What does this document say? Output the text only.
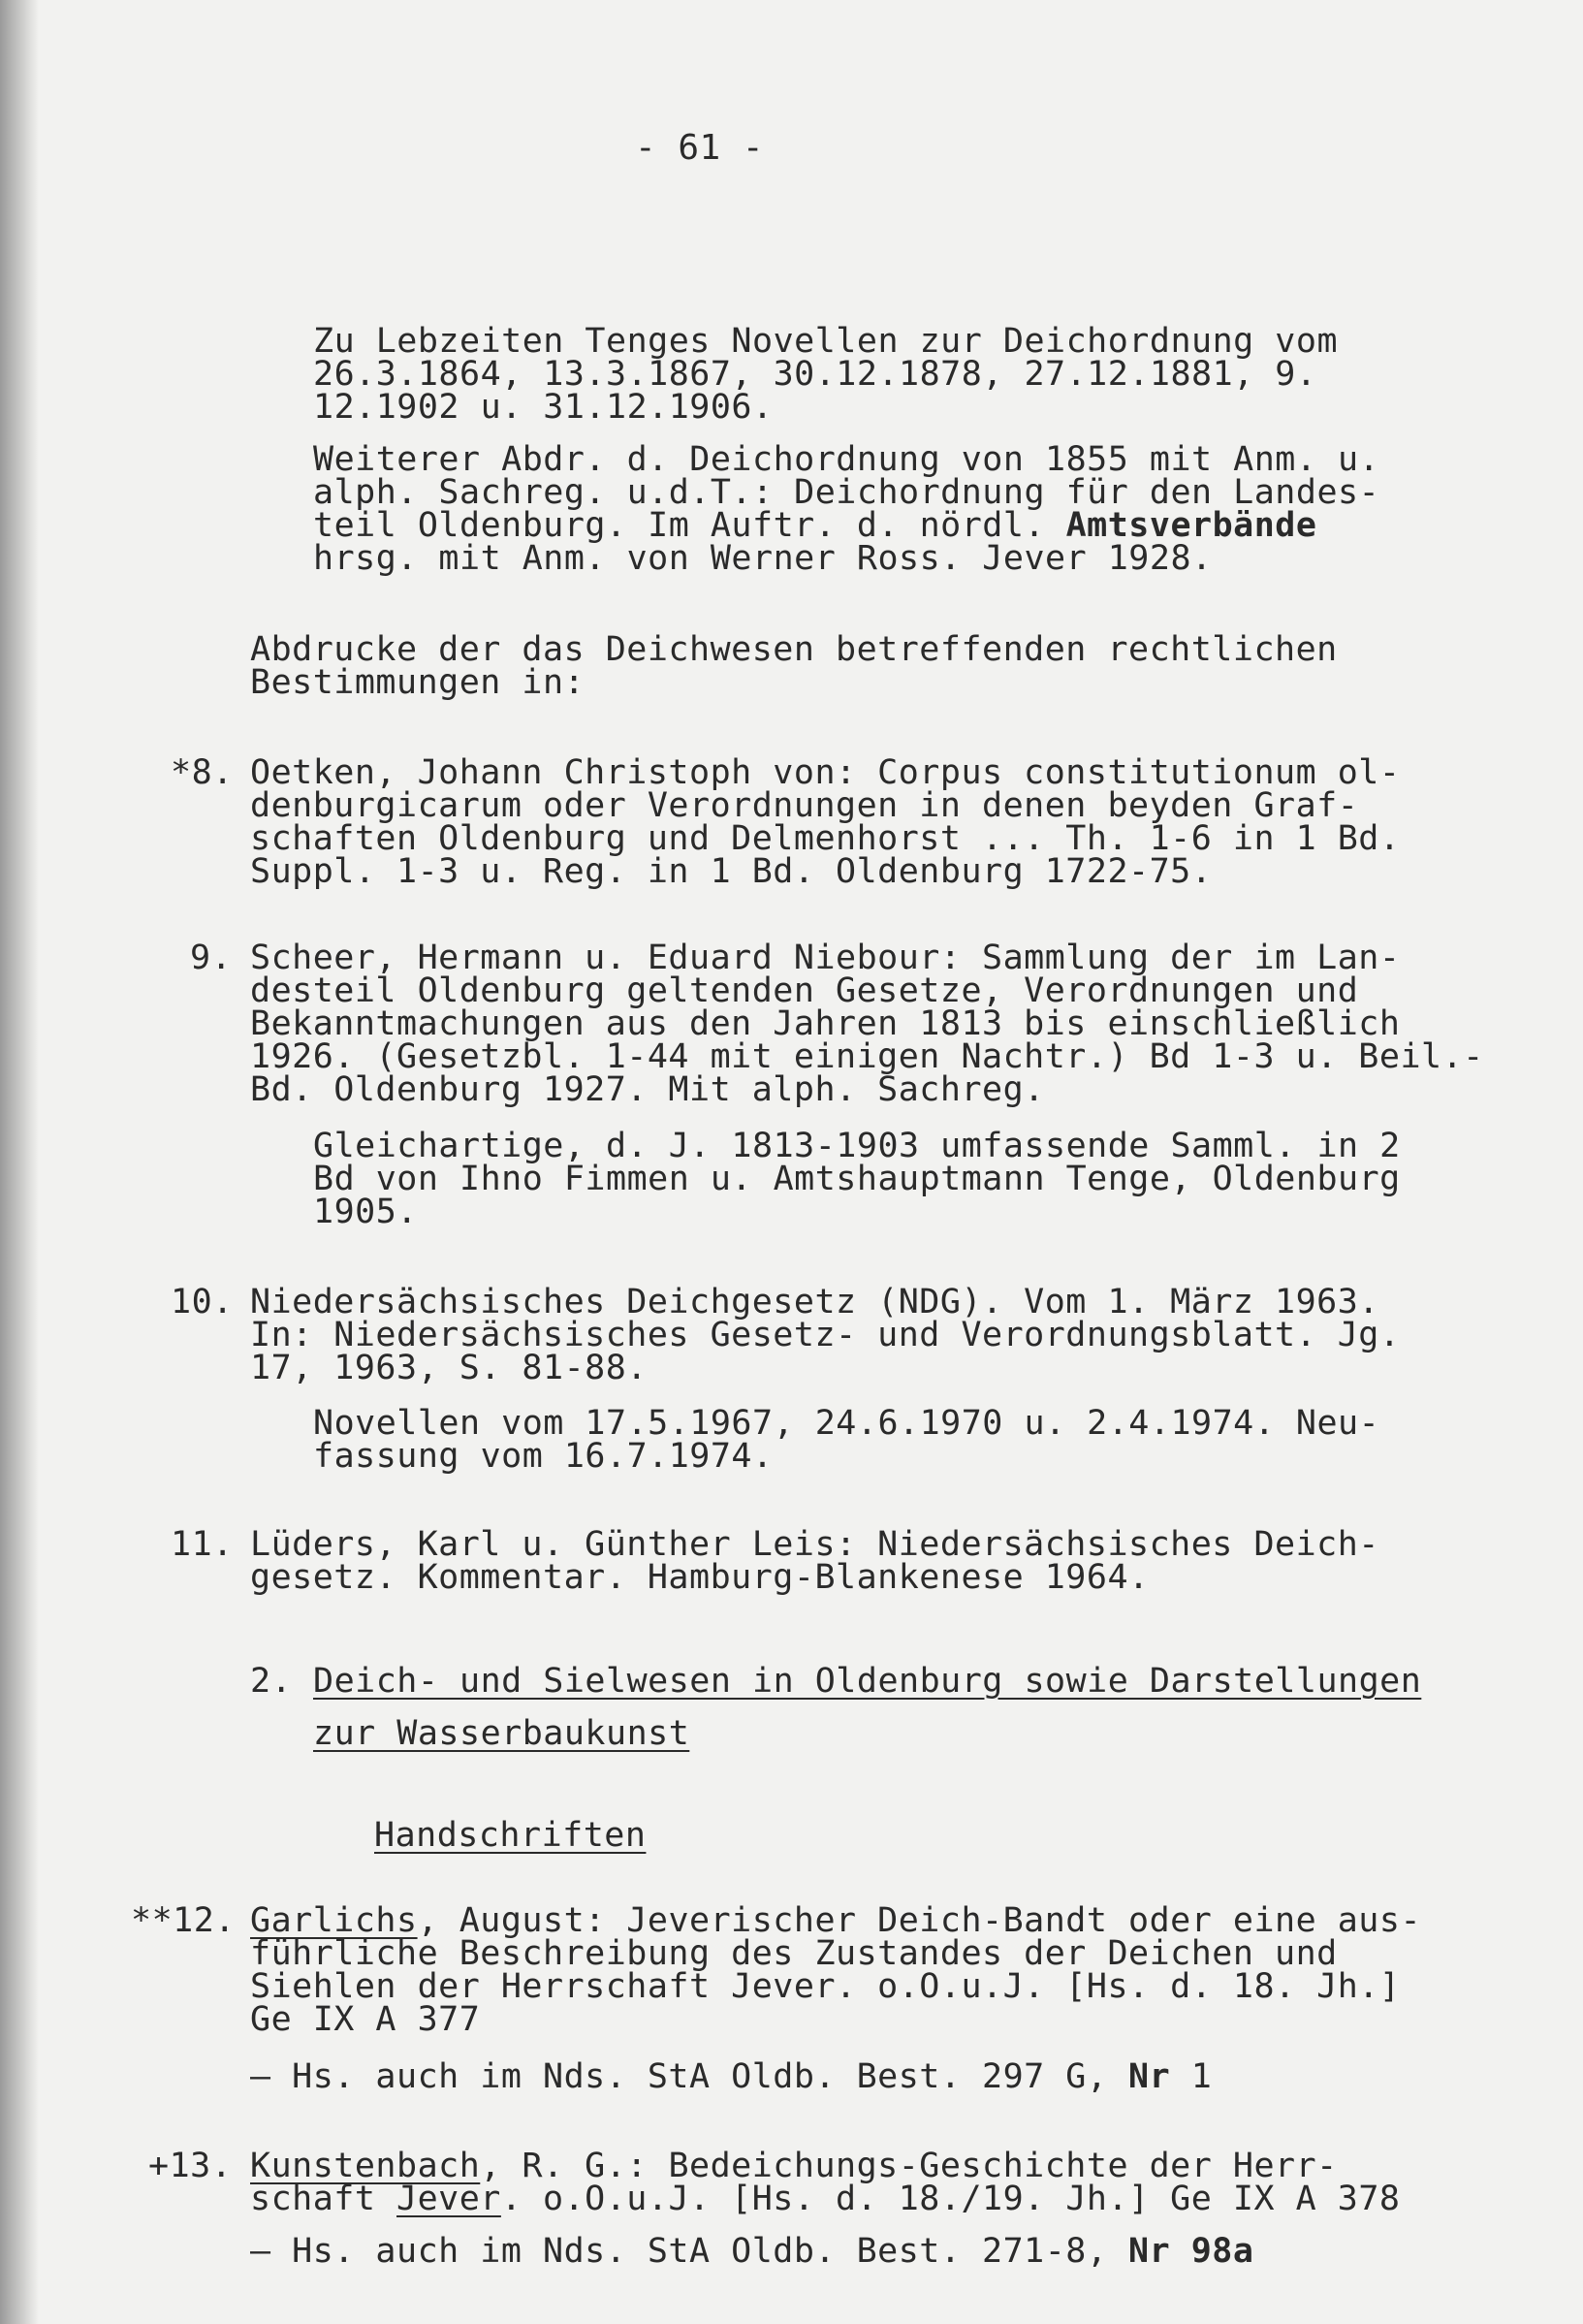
- 61 -
Zu Lebzeiten Tenges Novellen zur Deichordnung vom
26.3.1864, 13.3.1867, 30.12.1878, 27.12.1881, 9.
12.1902 u. 31.12.1906.
Weiterer Abdr. d. Deichordnung von 1855 mit Anm. u.
alph. Sachreg. u.d.T.: Deichordnung für den Landes-
teil Oldenburg. Im Auftr. d. nördl. Amtsverbände
hrsg. mit Anm. von Werner Ross. Jever 1928.
Abdrucke der das Deichwesen betreffenden rechtlichen
Bestimmungen in:
*8. Oetken, Johann Christoph von: Corpus constitutionum ol-
denburgicarum oder Verordnungen in denen beyden Graf-
schaften Oldenburg und Delmenhorst ... Th. 1-6 in 1 Bd.
Suppl. 1-3 u. Reg. in 1 Bd. Oldenburg 1722-75.
9. Scheer, Hermann u. Eduard Niebour: Sammlung der im Lan-
desteil Oldenburg geltenden Gesetze, Verordnungen und
Bekanntmachungen aus den Jahren 1813 bis einschließlich
1926. (Gesetzbl. 1-44 mit einigen Nachtr.) Bd 1-3 u. Beil.-
Bd. Oldenburg 1927. Mit alph. Sachreg.
Gleichartige, d. J. 1813-1903 umfassende Samml. in 2
Bd von Ihno Fimmen u. Amtshauptmann Tenge, Oldenburg
1905.
10. Niedersächsisches Deichgesetz (NDG). Vom 1. März 1963.
In: Niedersächsisches Gesetz- und Verordnungsblatt. Jg.
17, 1963, S. 81-88.
Novellen vom 17.5.1967, 24.6.1970 u. 2.4.1974. Neu-
fassung vom 16.7.1974.
11. Lüders, Karl u. Günther Leis: Niedersächsisches Deich-
gesetz. Kommentar. Hamburg-Blankenese 1964.
2. Deich- und Sielwesen in Oldenburg sowie Darstellungen
zur Wasserbaukunst
Handschriften
**12. Garlichs, August: Jeverischer Deich-Bandt oder eine aus-
führliche Beschreibung des Zustandes der Deichen und
Siehlen der Herrschaft Jever. o.O.u.J. [Hs. d. 18. Jh.]
Ge IX A 377
— Hs. auch im Nds. StA Oldb. Best. 297 G, Nr 1
+13. Kunstenbach, R. G.: Bedeichungs-Geschichte der Herr-
schaft Jever. o.O.u.J. [Hs. d. 18./19. Jh.] Ge IX A 378
— Hs. auch im Nds. StA Oldb. Best. 271-8, Nr 98a
